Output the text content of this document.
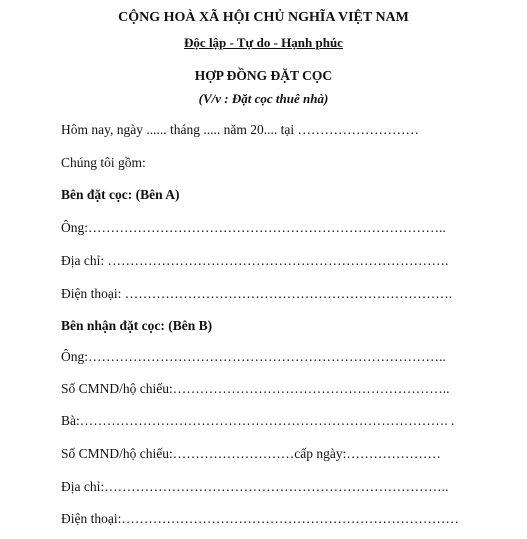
CỘNG HOÀ XÃ HỘI CHỦ NGHĨA VIỆT NAM
Độc lập - Tự do - Hạnh phúc
HỢP ĐỒNG ĐẶT CỌC
(V/v : Đặt cọc thuê nhà)
Hôm nay, ngày ...... tháng ..... năm 20.... tại ………………………
Chúng tôi gồm:
Bên đặt cọc: (Bên A)
Ông:……………………………………………………………………..
Địa chỉ: ………………………………………………………………….
Điện thoại: ……………………………………………………………….
Bên nhận đặt cọc: (Bên B)
Ông:……………………………………………………………………..
Số CMND/hộ chiếu:……………………………………………………..
Bà:………………………………………………………………………. .
Số CMND/hộ chiếu:………………………cấp ngày:…………………
Địa chỉ:…………………………………………………………………..
Điện thoại:…………………………………………………………………
